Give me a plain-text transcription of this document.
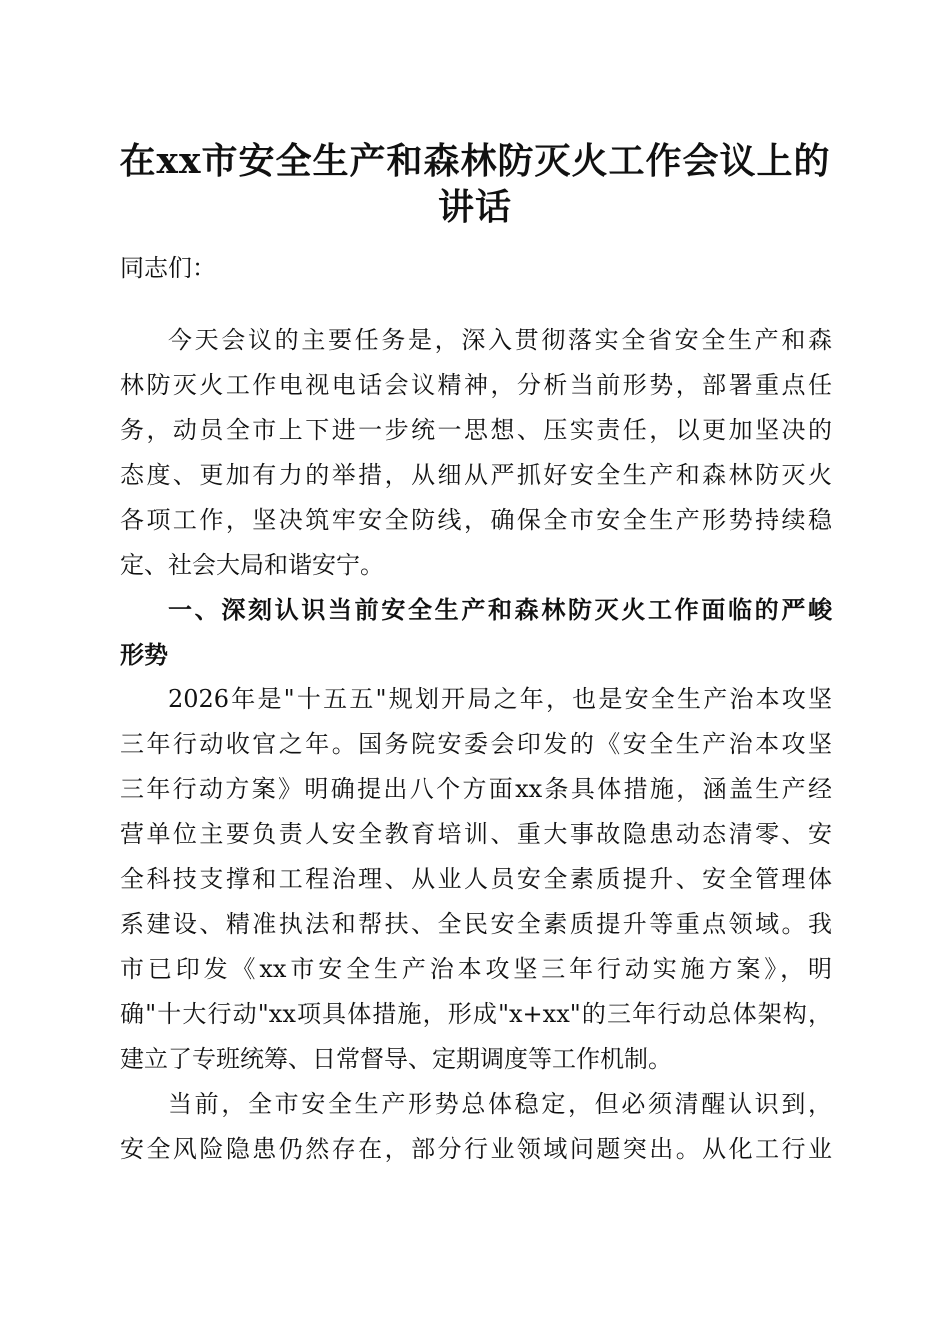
在xx市安全生产和森林防灭火工作会议上的
讲话

同志们：

今天会议的主要任务是，深入贯彻落实全省安全生产和森

林防灭火工作电视电话会议精神，分析当前形势，部署重点任

务，动员全市上下进一步统一思想、压实责任，以更加坚决的

态度、更加有力的举措，从细从严抓好安全生产和森林防灭火

各项工作，坚决筑牢安全防线，确保全市安全生产形势持续稳

定、社会大局和谐安宁。

一、深刻认识当前安全生产和森林防灭火工作面临的严峻

形势

2026年是"十五五"规划开局之年，也是安全生产治本攻坚

三年行动收官之年。国务院安委会印发的《安全生产治本攻坚

三年行动方案》明确提出八个方面xx条具体措施，涵盖生产经

营单位主要负责人安全教育培训、重大事故隐患动态清零、安

全科技支撑和工程治理、从业人员安全素质提升、安全管理体

系建设、精准执法和帮扶、全民安全素质提升等重点领域。我

市已印发《xx市安全生产治本攻坚三年行动实施方案》，明

确"十大行动"xx项具体措施，形成"x+xx"的三年行动总体架构，

建立了专班统筹、日常督导、定期调度等工作机制。

当前，全市安全生产形势总体稳定，但必须清醒认识到，

安全风险隐患仍然存在，部分行业领域问题突出。从化工行业
